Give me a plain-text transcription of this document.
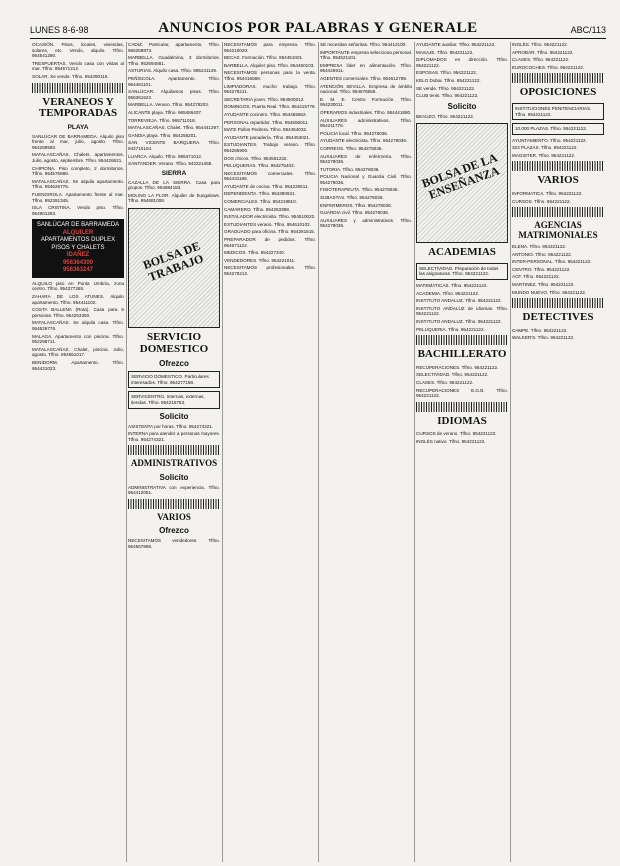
LUNES 8-6-98	ANUNCIOS POR PALABRAS Y GENERALE	ABC/113
OCASIÓN. Pisos, locales, viviendas, solares, etc. Vendo, alquilo. Tlfno. 954541290.
TRESPUERTAS. Vendo casa con vistas al mar. Tlfno. 954571212.
SOLAR. Se vende. Tlfno. 954390116.
VERANEOS Y TEMPORADAS
PLAYA
SANLÚCAR DE BARRAMEDA. Alquilo piso frente al mar, julio, agosto. Tlfno. 954289580.
MATALASCAÑAS. Chalets, apartamentos. Julio, agosto, septiembre. Tlfno. 954426621.
CHIPIONA. Piso completo, 2 dormitorios. Tlfno. 954575888.
MATALASCAÑAS. Se alquila apartamento. Tlfno. 954626776.
FUENGIROLA. Apartamento frente al mar. Tlfno. 952391345.
ISLA CRISTINA. Vendo piso. Tlfno. 954901283.
SANLÚCAR DE BARRAMEDA
ALQUILER
APARTAMENTOS DUPLEX PISOS Y CHALETS
IDAÑEZ
956364300
956363247
ALQUILO piso en Punta Umbría, zona centro. Tlfno. 954377265.
ZAHARA DE LOS ATUNES. Alquilo apartamento. Tlfno. 954411102.
COSTA BALLENA (Rota). Casa para 6 personas. Tlfno. 954253350.
MATALASCAÑAS. Se alquila casa. Tlfno. 954626776.
MALAGA. Apartamento con piscina. Tlfno. 952296711.
MATALASCAÑAS. Chalet, piscina. Julio, agosto. Tlfno. 954651017.
BENIDORM. Apartamento. Tlfno. 954421023.
CADIZ. Particular, apartamento. Tlfno. 956258873.
MARBELLA. Guadalmina, 3 dormitorios. Tlfno. 952694881.
ASTURIAS. Alquilo casa. Tlfno. 985241129.
PEÑÍSCOLA. Apartamento. Tlfno. 964481101.
SANLÚCAR. Alquilamos pisos. Tlfno. 956361522.
MARBELLA. Verano. Tlfno. 954278203.
ALICANTE playa. Tlfno. 965486407.
TORREVIEJA. Tlfno. 965711018.
MATALASCAÑAS. Chalet. Tlfno. 954441297.
GANDIA playa. Tlfno. 954256201.
SAN VICENTE BARQUERA. Tlfno. 942710104.
LUARCA. Alquilo. Tlfno. 985471012.
SANTANDER. Verano. Tlfno. 942221458.
SIERRA
CAZALLA DE LA SIERRA. Casa para grupos. Tlfno. 954884183.
MOLINO LA FLOR. Alquiler de bungalows. Tlfno. 954881008.
BOLSA DE TRABAJO
SERVICIO DOMESTICO
Ofrezco
SERVICIO DOMESTICO. Particulares interesados. Tlfno. 954277168.
SERVICENTRO. Internas, externas, tiendas. Tlfno. 954215753.
Solicito
ASISTENTA por horas. Tlfno. 954274321.
INTERNA para atender a personas mayores. Tlfno. 954274321.
ADMINISTRATIVOS
Solicito
ADMINISTRATIVA con experiencia. Tlfno. 954412051.
VARIOS
Ofrezco
NECESITAMOS vendedores. Tlfno. 954567896.
NECESITAMOS para empresa. Tlfno. 954210020.
BECAS. Formación. Tlfno. 954451001.
BARBELLA. Alquiler piso. Tlfno. 954460103.
NECESITAMOS personas para la venta. Tlfno. 954416688.
LIMPIADORAS, mucho trabajo. Tlfno. 954278211.
SECRETARIA joven. Tlfno. 954500012.
DOMINGOS. Puerta Real. Tlfno. 954415778.
AYUDANTE cocinero. Tlfno. 954455662.
PERSONAL repartidor. Tlfno. 954556011.
MATE Pollos Pedrera. Tlfno. 954454032.
AYUDANTE panadería. Tlfno. 954453021.
ESTUDIANTES. Trabajo verano. Tlfno. 954285900.
DOS chicos. Tlfno. 954561232.
PELUQUERAS. Tlfno. 954275402.
NECESITAMOS comerciales. Tlfno. 954431188.
AYUDANTE de cocina. Tlfno. 954226511.
DEPENDIENTA. Tlfno. 954380921.
COMERCIALES. Tlfno. 954219810.
CAMARERO. Tlfno. 954253398.
INSTALADOR electricista. Tlfno. 954510022.
ESTUDIANTES verano. Tlfno. 954610102.
GRADUADO para oficina. Tlfno. 954281515.
PREPARADOR de pedidos. Tlfno. 954671122.
MEDICOS. Tlfno. 954227340.
VENDEDORES. Tlfno. 954221011.
NECESITAMOS profesionales. Tlfno. 954278212.
SE necesitan señoritas. Tlfno. 954412100.
IMPORTANTE empresa selecciona personal. Tlfno. 954521101.
EMPRESA líder en alimentación. Tlfno. 954426911.
AGENTES comerciales. Tlfno. 954612789.
ATENCIÓN SEVILLA. Empresa de ámbito nacional. Tlfno. 954576655.
E. M. E. Centro Formación. Tlfno. 954230011.
OPERARIOS industriales. Tlfno. 954441880.
AUXILIARES administrativos. Tlfno. 954211776.
POLICIA local. Tlfno. 954278036.
AYUDANTE electricista. Tlfno. 954278036.
CORREOS. Tlfno. 954278036.
AUXILIARES de enfermería. Tlfno. 954278036.
TUTORIA. Tlfno. 954278036.
POLICIA Nacional y Guardia Civil. Tlfno. 954278036.
FISIOTERAPEUTA. Tlfno. 954278036.
SUBASTAS. Tlfno. 954278036.
ENFERMEROS. Tlfno. 954278036.
GUARDIA civil. Tlfno. 954278036.
AUXILIARES y administrativos. Tlfno. 954278036.
AYUDANTE auxiliar. Tlfno. 954221122.
MASAJE. Tlfno. 954221122.
DIPLOMADOS en dirección. Tlfno. 954221122.
ESPOSAS. Tlfno. 954221122.
KELO Dubai. Tlfno. 954221122.
SE vende. Tlfno. 954221122.
CLUB tenis. Tlfno. 954221122.
Solicito
BEAUZO. Tlfno. 954221122.
BOLSA DE LA ENSEÑANZA
ACADEMIAS
SELECTIVIDAD. Preparación de todas las asignaturas. Tlfno. 954221122.
MATEMATICAS. Tlfno. 954221122.
ACADEMIA. Tlfno. 954221122.
INSTITUTO ANDALUZ. Tlfno. 954221122.
INSTITUTO ANDALUZ de idiomas. Tlfno. 954221122.
INSTITUTO ANDALUZ. Tlfno. 954221122.
PELUQUERIA. Tlfno. 954221122.
BACHILLERATO
RECUPERACIONES. Tlfno. 954221122.
SELECTIVIDAD. Tlfno. 954221122.
CLASES. Tlfno. 954221122.
RECUPERACIONES E.G.B. Tlfno. 954221122.
IDIOMAS
CURSOS de verano. Tlfno. 954221122.
INGLÉS nativo. Tlfno. 954221122.
INGLÉS. Tlfno. 954221122.
APROBAR. Tlfno. 954221122.
CLASES. Tlfno. 954221122.
EUROCOCHES. Tlfno. 954221122.
OPOSICIONES
INSTITUCIONES PENITENCIARIAS. Tlfno. 954221122.
10.000 PLAZAS. Tlfno. 954221122.
AYUNTAMIENTO. Tlfno. 954221122.
323 PLAZAS. Tlfno. 954221122.
MAGISTER. Tlfno. 954221122.
VARIOS
INFORMATICA. Tlfno. 954221122.
CURSOS. Tlfno. 954221122.
AGENCIAS MATRIMONIALES
ELENA. Tlfno. 954221122.
ANTONIO. Tlfno. 954221122.
INTER-PERSONAL. Tlfno. 954221122.
CENTRO. Tlfno. 954221122.
ACF. Tlfno. 954221122.
MARTINEZ. Tlfno. 954221122.
MUNDO NUEVO. Tlfno. 954221122.
DETECTIVES
CAMPE. Tlfno. 954221122.
WALKER'S. Tlfno. 954221122.
